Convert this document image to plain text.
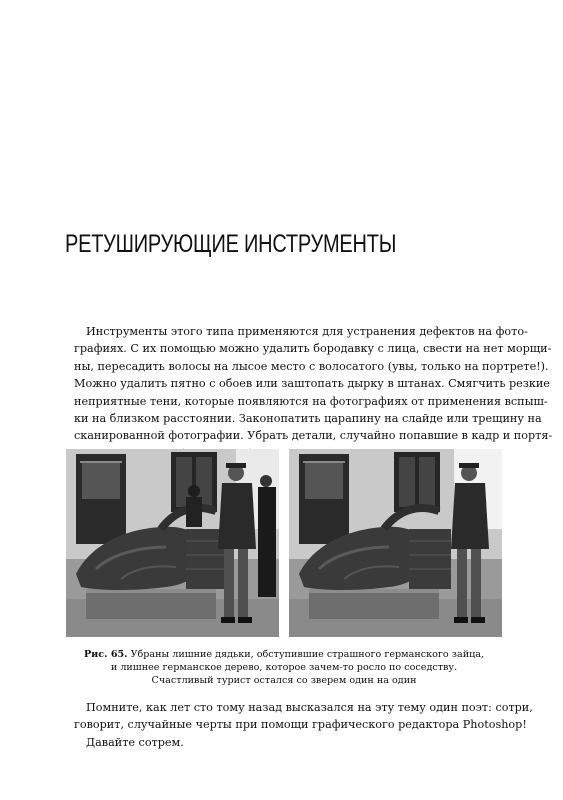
РЕТУШИРУЮЩИЕ ИНСТРУМЕНТЫ
Инструменты этого типа применяются для устранения дефектов на фото-
графиях. С их помощью можно удалить бородавку с лица, свести на нет морщи-
ны, пересадить волосы на лысое место с волосатого (увы, только на портрете!).
Можно удалить пятно с обоев или заштопать дырку в штанах. Смягчить резкие
неприятные тени, которые появляются на фотографиях от применения вспыш-
ки на близком расстоянии. Законопатить царапину на слайде или трещину на
сканированной фотографии. Убрать детали, случайно попавшие в кадр и портя-
Рис. 65. Убраны лишние дядьки, обступившие страшного германского зайца,
и лишнее германское дерево, которое зачем-то росло по соседству.
Счастливый турист остался со зверем один на один
Помните, как лет сто тому назад высказался на эту тему один поэт: сотри,
говорит, случайные черты при помощи графического редактора Photoshop!
Давайте сотрем.
